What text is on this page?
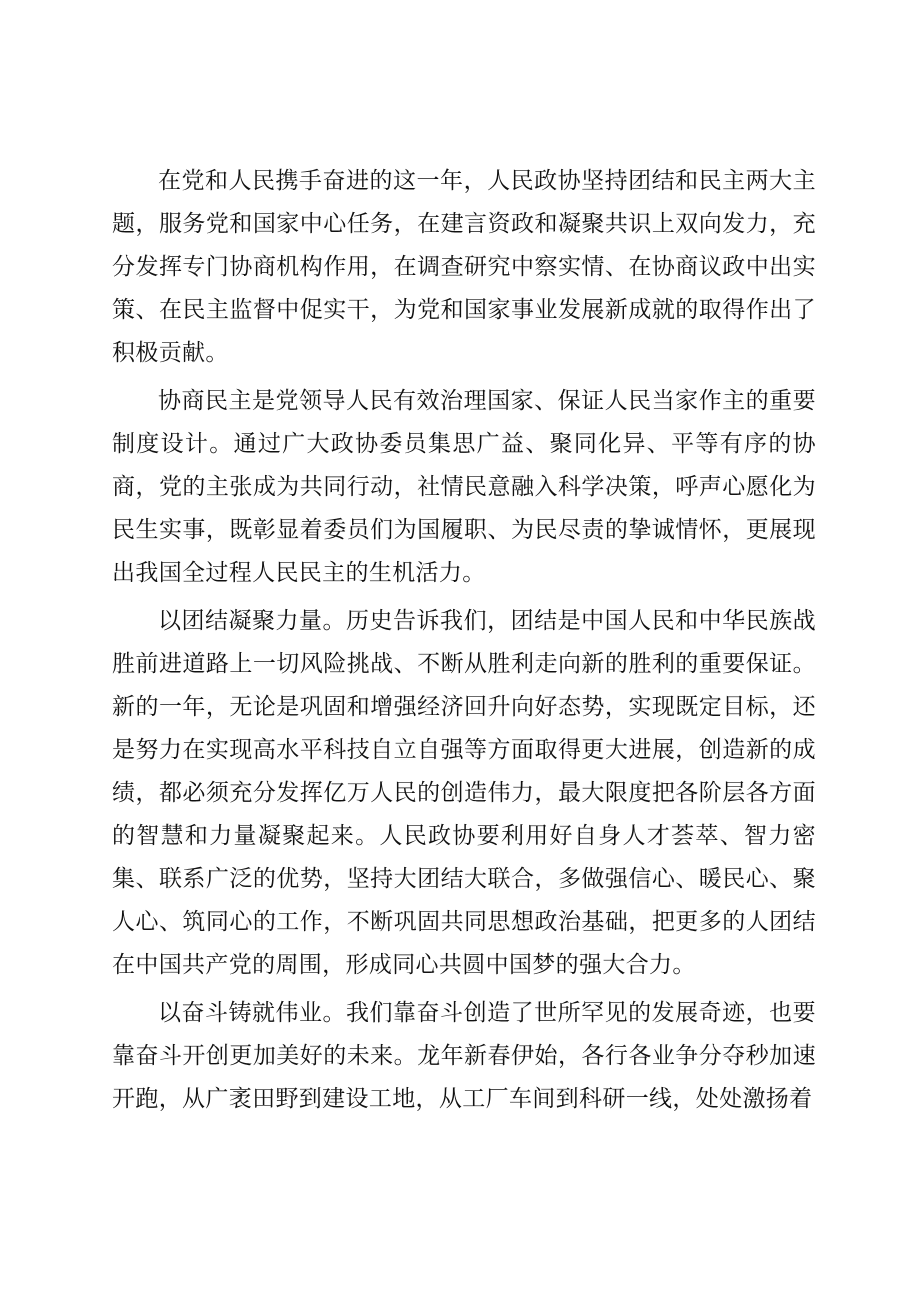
在党和人民携手奋进的这一年，人民政协坚持团结和民主两大主题，服务党和国家中心任务，在建言资政和凝聚共识上双向发力，充分发挥专门协商机构作用，在调查研究中察实情、在协商议政中出实策、在民主监督中促实干，为党和国家事业发展新成就的取得作出了积极贡献。

协商民主是党领导人民有效治理国家、保证人民当家作主的重要制度设计。通过广大政协委员集思广益、聚同化异、平等有序的协商，党的主张成为共同行动，社情民意融入科学决策，呼声心愿化为民生实事，既彰显着委员们为国履职、为民尽责的挚诚情怀，更展现出我国全过程人民民主的生机活力。

以团结凝聚力量。历史告诉我们，团结是中国人民和中华民族战胜前进道路上一切风险挑战、不断从胜利走向新的胜利的重要保证。新的一年，无论是巩固和增强经济回升向好态势，实现既定目标，还是努力在实现高水平科技自立自强等方面取得更大进展，创造新的成绩，都必须充分发挥亿万人民的创造伟力，最大限度把各阶层各方面的智慧和力量凝聚起来。人民政协要利用好自身人才荟萃、智力密集、联系广泛的优势，坚持大团结大联合，多做强信心、暖民心、聚人心、筑同心的工作，不断巩固共同思想政治基础，把更多的人团结在中国共产党的周围，形成同心共圆中国梦的强大合力。

以奋斗铸就伟业。我们靠奋斗创造了世所罕见的发展奇迹，也要靠奋斗开创更加美好的未来。龙年新春伊始，各行各业争分夺秒加速开跑，从广袤田野到建设工地，从工厂车间到科研一线，处处激扬着
